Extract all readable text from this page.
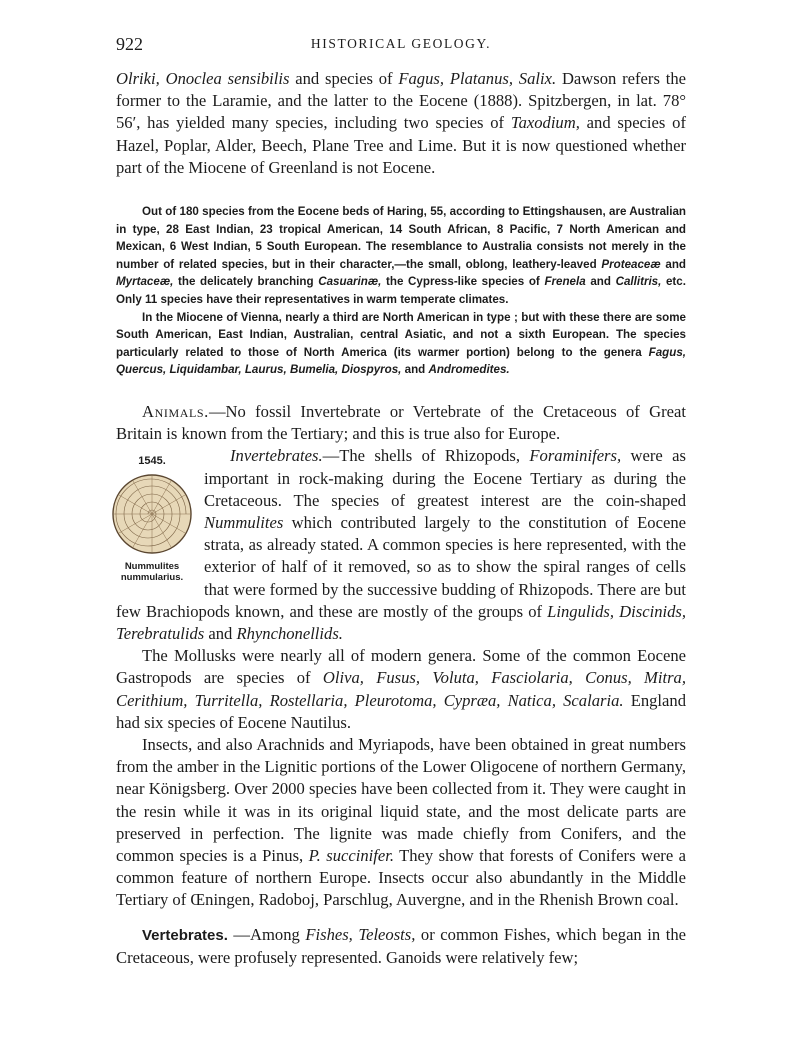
922	HISTORICAL GEOLOGY.

Olriki, Onoclea sensibilis and species of Fagus, Platanus, Salix. Dawson refers the former to the Laramie, and the latter to the Eocene (1888). Spitzbergen, in lat. 78° 56′, has yielded many species, including two species of Taxodium, and species of Hazel, Poplar, Alder, Beech, Plane Tree and Lime. But it is now questioned whether part of the Miocene of Greenland is not Eocene.

Out of 180 species from the Eocene beds of Haring, 55, according to Ettingshausen, are Australian in type, 28 East Indian, 23 tropical American, 14 South African, 8 Pacific, 7 North American and Mexican, 6 West Indian, 5 South European. The resemblance to Australia consists not merely in the number of related species, but in their character,—the small, oblong, leathery-leaved Proteaceæ and Myrtaceæ, the delicately branching Casuarinæ, the Cypress-like species of Frenela and Callitris, etc. Only 11 species have their representatives in warm temperate climates.

In the Miocene of Vienna, nearly a third are North American in type ; but with these there are some South American, East Indian, Australian, central Asiatic, and not a sixth European. The species particularly related to those of North America (its warmer portion) belong to the genera Fagus, Quercus, Liquidambar, Laurus, Bumelia, Diospyros, and Andromedites.

Animals.—No fossil Invertebrate or Vertebrate of the Cretaceous of Great Britain is known from the Tertiary; and this is true also for Europe.

1545.
Nummulites nummularius.

Invertebrates.—The shells of Rhizopods, Foraminifers, were as important in rock-making during the Eocene Tertiary as during the Cretaceous. The species of greatest interest are the coin-shaped Nummulites which contributed largely to the constitution of Eocene strata, as already stated. A common species is here represented, with the exterior of half of it removed, so as to show the spiral ranges of cells that were formed by the successive budding of Rhizopods. There are but few Brachiopods known, and these are mostly of the groups of Lingulids, Discinids, Terebratulids and Rhynchonellids.

The Mollusks were nearly all of modern genera. Some of the common Eocene Gastropods are species of Oliva, Fusus, Voluta, Fasciolaria, Conus, Mitra, Cerithium, Turritella, Rostellaria, Pleurotoma, Cypræa, Natica, Scalaria. England had six species of Eocene Nautilus.

Insects, and also Arachnids and Myriapods, have been obtained in great numbers from the amber in the Lignitic portions of the Lower Oligocene of northern Germany, near Königsberg. Over 2000 species have been collected from it. They were caught in the resin while it was in its original liquid state, and the most delicate parts are preserved in perfection. The lignite was made chiefly from Conifers, and the common species is a Pinus, P. succinifer. They show that forests of Conifers were a common feature of northern Europe. Insects occur also abundantly in the Middle Tertiary of Œningen, Radoboj, Parschlug, Auvergne, and in the Rhenish Brown coal.

Vertebrates. —Among Fishes, Teleosts, or common Fishes, which began in the Cretaceous, were profusely represented. Ganoids were relatively few;
